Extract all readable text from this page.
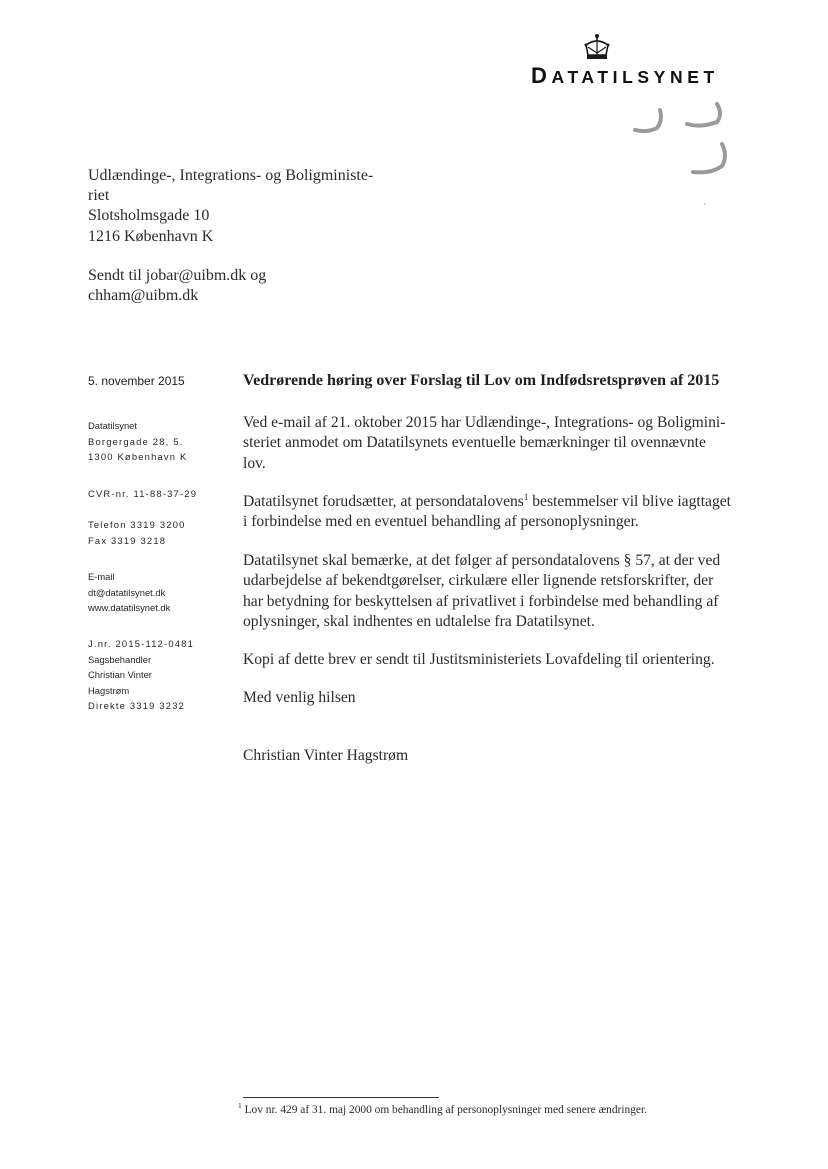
DATATILSYNET
Udlændinge-, Integrations- og Boligministe-
riet
Slotsholmsgade 10
1216 København K
Sendt til jobar@uibm.dk og
chham@uibm.dk
5. november 2015
Datatilsynet
Borgergade 28, 5.
1300 København K
CVR-nr. 11-88-37-29
Telefon 3319 3200
Fax 3319 3218
E-mail
dt@datatilsynet.dk
www.datatilsynet.dk
J.nr. 2015-112-0481
Sagsbehandler
Christian Vinter
Hagstrøm
Direkte 3319 3232
Vedrørende høring over Forslag til Lov om Indfødsretsprøven af 2015
Ved e-mail af 21. oktober 2015 har Udlændinge-, Integrations- og Boligmini-
steriet anmodet om Datatilsynets eventuelle bemærkninger til ovennævnte
lov.
Datatilsynet forudsætter, at persondatalovens$^1$ bestemmelser vil blive iagttaget
i forbindelse med en eventuel behandling af personoplysninger.
Datatilsynet skal bemærke, at det følger af persondatalovens § 57, at der ved
udarbejdelse af bekendtgørelser, cirkulære eller lignende retsforskrifter, der
har betydning for beskyttelsen af privatlivet i forbindelse med behandling af
oplysninger, skal indhentes en udtalelse fra Datatilsynet.
Kopi af dette brev er sendt til Justitsministeriets Lovafdeling til orientering.
Med venlig hilsen
Christian Vinter Hagstrøm
$^1$ Lov nr. 429 af 31. maj 2000 om behandling af personoplysninger med senere ændringer.
